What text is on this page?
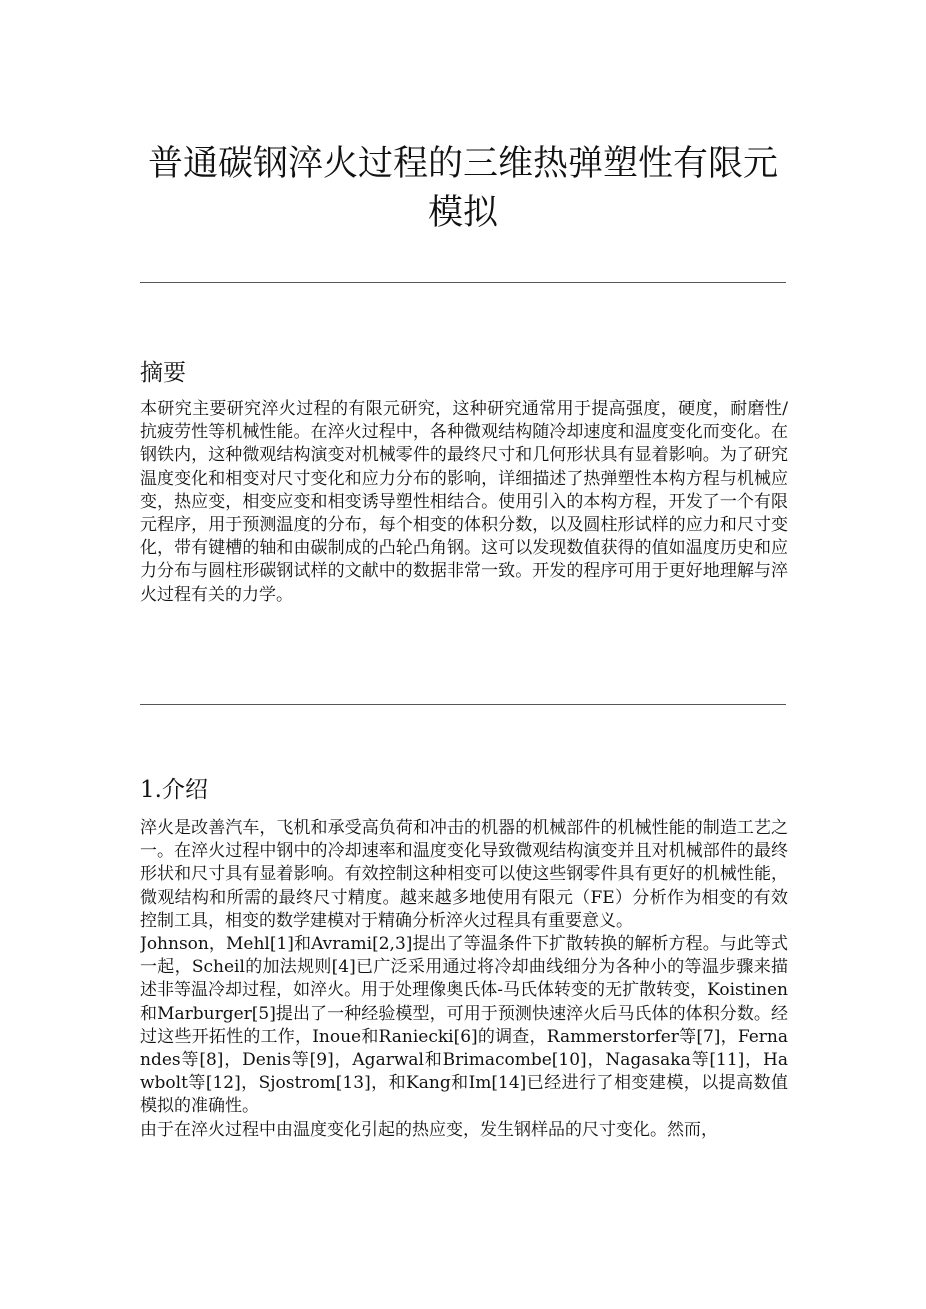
普通碳钢淬火过程的三维热弹塑性有限元模拟
摘要

本研究主要研究淬火过程的有限元研究，这种研究通常用于提高强度，硬度，耐磨性/抗疲劳性等机械性能。在淬火过程中，各种微观结构随冷却速度和温度变化而变化。在钢铁内，这种微观结构演变对机械零件的最终尺寸和几何形状具有显着影响。为了研究温度变化和相变对尺寸变化和应力分布的影响，详细描述了热弹塑性本构方程与机械应变，热应变，相变应变和相变诱导塑性相结合。使用引入的本构方程，开发了一个有限元程序，用于预测温度的分布，每个相变的体积分数，以及圆柱形试样的应力和尺寸变化，带有键槽的轴和由碳制成的凸轮凸角钢。这可以发现数值获得的值如温度历史和应力分布与圆柱形碳钢试样的文献中的数据非常一致。开发的程序可用于更好地理解与淬火过程有关的力学。

1.介绍
淬火是改善汽车，飞机和承受高负荷和冲击的机器的机械部件的机械性能的制造工艺之一。在淬火过程中钢中的冷却速率和温度变化导致微观结构演变并且对机械部件的最终形状和尺寸具有显着影响。有效控制这种相变可以使这些钢零件具有更好的机械性能，微观结构和所需的最终尺寸精度。越来越多地使用有限元（FE）分析作为相变的有效控制工具，相变的数学建模对于精确分析淬火过程具有重要意义。
Johnson，Mehl[1]和Avrami[2,3]提出了等温条件下扩散转换的解析方程。与此等式一起，Scheil的加法规则[4]已广泛采用通过将冷却曲线细分为各种小的等温步骤来描述非等温冷却过程，如淬火。用于处理像奥氏体-马氏体转变的无扩散转变，Koistinen和Marburger[5]提出了一种经验模型，可用于预测快速淬火后马氏体的体积分数。经过这些开拓性的工作，Inoue和Raniecki[6]的调查，Rammerstorfer等[7]，Fernandes等[8]，Denis等[9]，Agarwal和Brimacombe[10]，Nagasaka等[11]，Hawbolt等[12]，Sjostrom[13]，和Kang和Im[14]已经进行了相变建模，以提高数值模拟的准确性。
由于在淬火过程中由温度变化引起的热应变，发生钢样品的尺寸变化。然而，
